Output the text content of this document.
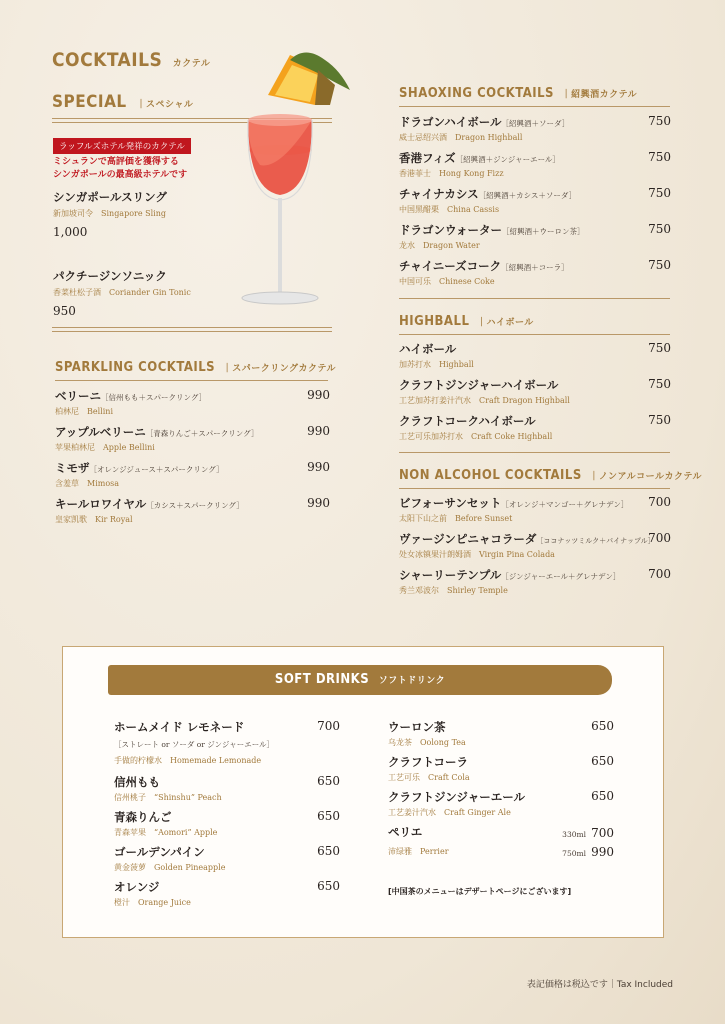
COCKTAILS カクテル
SPECIAL ｜スペシャル
ラッフルズホテル発祥のカクテル
ミシュランで高評価を獲得する
シンガポールの最高級ホテルです
シンガポールスリング
新加坡司令　Singapore Sling
1,000
パクチージンソニック
香菜杜松子酒　Coriander Gin Tonic
950
SPARKLING COCKTAILS ｜スパークリングカクテル
ベリーニ［信州もも＋スパークリング］
柏林尼　Bellini
990
アップルベリーニ［青森りんご＋スパークリング］
苹果柏林尼　Apple Bellini
990
ミモザ［オレンジジュース＋スパークリング］
含羞草　Mimosa
990
キールロワイヤル［カシス＋スパークリング］
皇家凯歌　Kir Royal
990
SHAOXING COCKTAILS ｜紹興酒カクテル
ドラゴンハイボール［紹興酒＋ソーダ］
威士忌绍兴酒　Dragon Highball
750
香港フィズ［紹興酒＋ジンジャーエール］
香港菲士　Hong Kong Fizz
750
チャイナカシス［紹興酒＋カシス＋ソーダ］
中国黑醋栗　China Cassis
750
ドラゴンウォーター［紹興酒＋ウーロン茶］
龙水　Dragon Water
750
チャイニーズコーク［紹興酒＋コーラ］
中国可乐　Chinese Coke
750
HIGHBALL ｜ハイボール
ハイボール
加苏打水　Highball
750
クラフトジンジャーハイボール
工艺加苏打姜汁汽水　Craft Dragon Highball
750
クラフトコークハイボール
工艺可乐加苏打水　Craft Coke Highball
750
NON ALCOHOL COCKTAILS ｜ノンアルコールカクテル
ビフォーサンセット［オレンジ＋マンゴー＋グレナデン］
太阳下山之前　Before Sunset
700
ヴァージンピニャコラーダ［ココナッツミルク＋パイナップル］
处女冰镇果汁朗姆酒　Virgin Pina Colada
700
シャーリーテンプル［ジンジャーエール＋グレナデン］
秀兰邓波尔　Shirley Temple
700
SOFT DRINKS ソフトドリンク
ホームメイド レモネード
［ストレート or ソーダ or ジンジャーエール］
手做的柠檬水　Homemade Lemonade
700
信州もも
信州桃子　“Shinshu” Peach
650
青森りんご
青森苹果　“Aomori” Apple
650
ゴールデンパイン
黄金菠萝　Golden Pineapple
650
オレンジ
橙汁　Orange Juice
650
ウーロン茶
乌龙茶　Oolong Tea
650
クラフトコーラ
工艺可乐　Craft Cola
650
クラフトジンジャーエール
工艺姜汁汽水　Craft Ginger Ale
650
ペリエ
沛绿雅　Perrier
330ml 700
750ml 990
[中国茶のメニューはデザートページにございます]
表記価格は税込です｜Tax Included
